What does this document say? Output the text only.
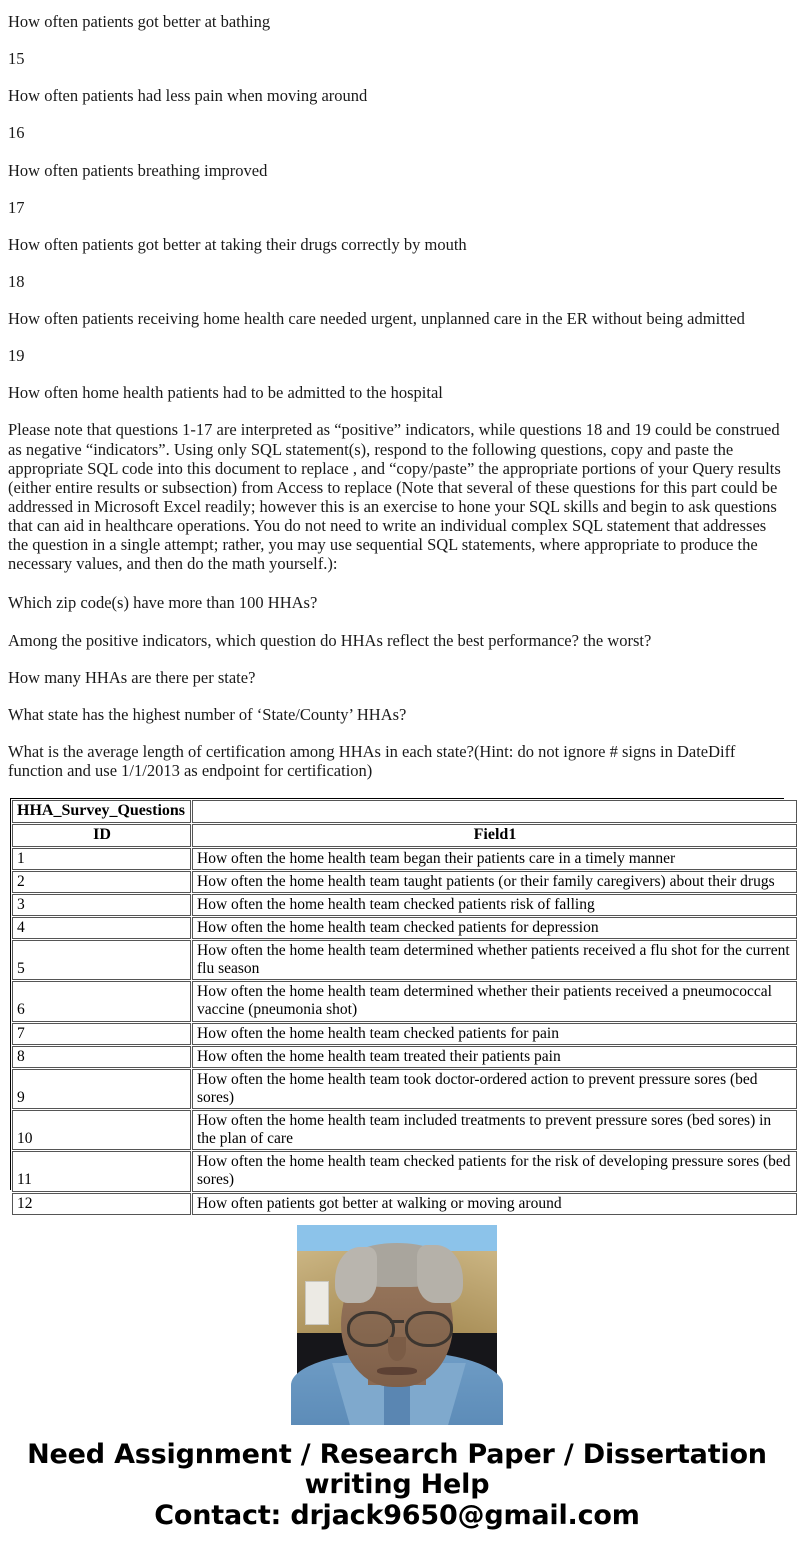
How often patients got better at bathing

15

How often patients had less pain when moving around

16

How often patients breathing improved

17

How often patients got better at taking their drugs correctly by mouth

18

How often patients receiving home health care needed urgent, unplanned care in the ER without being admitted

19

How often home health patients had to be admitted to the hospital

Please note that questions 1-17 are interpreted as “positive” indicators, while questions 18 and 19 could be construed as negative “indicators”. Using only SQL statement(s), respond to the following questions, copy and paste the appropriate SQL code into this document to replace , and “copy/paste” the appropriate portions of your Query results (either entire results or subsection) from Access to replace (Note that several of these questions for this part could be addressed in Microsoft Excel readily; however this is an exercise to hone your SQL skills and begin to ask questions that can aid in healthcare operations. You do not need to write an individual complex SQL statement that addresses the question in a single attempt; rather, you may use sequential SQL statements, where appropriate to produce the necessary values, and then do the math yourself.):

Which zip code(s) have more than 100 HHAs?

Among the positive indicators, which question do HHAs reflect the best performance? the worst?

How many HHAs are there per state?

What state has the highest number of ‘State/County’ HHAs?

What is the average length of certification among HHAs in each state?(Hint: do not ignore # signs in DateDiff function and use 1/1/2013 as endpoint for certification)

HHA_Survey_Questions	
ID	Field1
1	How often the home health team began their patients care in a timely manner
2	How often the home health team taught patients (or their family caregivers) about their drugs
3	How often the home health team checked patients risk of falling
4	How often the home health team checked patients for depression
5	How often the home health team determined whether patients received a flu shot for the current flu season
6	How often the home health team determined whether their patients received a pneumococcal vaccine (pneumonia shot)
7	How often the home health team checked patients for pain
8	How often the home health team treated their patients pain
9	How often the home health team took doctor-ordered action to prevent pressure sores (bed sores)
10	How often the home health team included treatments to prevent pressure sores (bed sores) in the plan of care
11	How often the home health team checked patients for the risk of developing pressure sores (bed sores)
12	How often patients got better at walking or moving around
Need Assignment / Research Paper / Dissertation
writing Help
Contact: drjack9650@gmail.com
